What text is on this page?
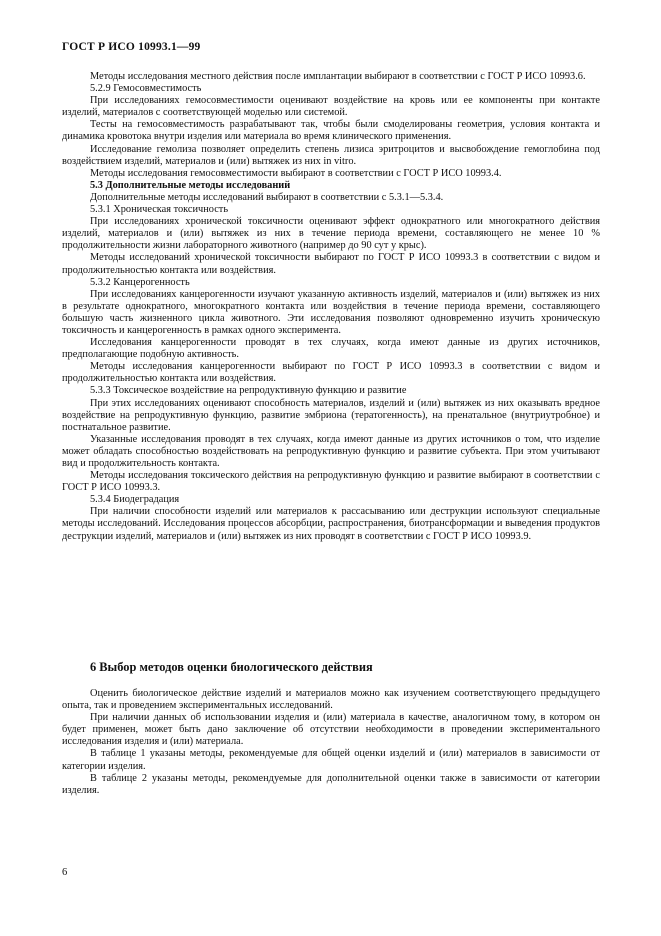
ГОСТ Р ИСО 10993.1—99

Методы исследования местного действия после имплантации выбирают в соответствии с ГОСТ Р ИСО 10993.6.

5.2.9 Гемосовместимость

При исследованиях гемосовместимости оценивают воздействие на кровь или ее компоненты при контакте изделий, материалов с соответствующей моделью или системой.

Тесты на гемосовместимость разрабатывают так, чтобы были смоделированы геометрия, условия контакта и динамика кровотока внутри изделия или материала во время клинического применения.

Исследование гемолиза позволяет определить степень лизиса эритроцитов и высвобождение гемоглобина под воздействием изделий, материалов и (или) вытяжек из них in vitro.

Методы исследования гемосовместимости выбирают в соответствии с ГОСТ Р ИСО 10993.4.

5.3 Дополнительные методы исследований

Дополнительные методы исследований выбирают в соответствии с 5.3.1—5.3.4.

5.3.1 Хроническая токсичность

При исследованиях хронической токсичности оценивают эффект однократного или многократного действия изделий, материалов и (или) вытяжек из них в течение периода времени, составляющего не менее 10 % продолжительности жизни лабораторного животного (например до 90 сут у крыс).

Методы исследований хронической токсичности выбирают по ГОСТ Р ИСО 10993.3 в соответствии с видом и продолжительностью контакта или воздействия.

5.3.2 Канцерогенность

При исследованиях канцерогенности изучают указанную активность изделий, материалов и (или) вытяжек из них в результате однократного, многократного контакта или воздействия в течение периода времени, составляющего большую часть жизненного цикла животного. Эти исследования позволяют одновременно изучить хроническую токсичность и канцерогенность в рамках одного эксперимента.

Исследования канцерогенности проводят в тех случаях, когда имеют данные из других источников, предполагающие подобную активность.

Методы исследования канцерогенности выбирают по ГОСТ Р ИСО 10993.3 в соответствии с видом и продолжительностью контакта или воздействия.

5.3.3 Токсическое воздействие на репродуктивную функцию и развитие

При этих исследованиях оценивают способность материалов, изделий и (или) вытяжек из них оказывать вредное воздействие на репродуктивную функцию, развитие эмбриона (тератогенность), на пренатальное (внутриутробное) и постнатальное развитие.

Указанные исследования проводят в тех случаях, когда имеют данные из других источников о том, что изделие может обладать способностью воздействовать на репродуктивную функцию и развитие субъекта. При этом учитывают вид и продолжительность контакта.

Методы исследования токсического действия на репродуктивную функцию и развитие выбирают в соответствии с ГОСТ Р ИСО 10993.3.

5.3.4 Биодеградация

При наличии способности изделий или материалов к рассасыванию или деструкции используют специальные методы исследований. Исследования процессов абсорбции, распространения, биотрансформации и выведения продуктов деструкции изделий, материалов и (или) вытяжек из них проводят в соответствии с ГОСТ Р ИСО 10993.9.

6 Выбор методов оценки биологического действия

Оценить биологическое действие изделий и материалов можно как изучением соответствующего предыдущего опыта, так и проведением экспериментальных исследований.

При наличии данных об использовании изделия и (или) материала в качестве, аналогичном тому, в котором он будет применен, может быть дано заключение об отсутствии необходимости в проведении экспериментального исследования изделия и (или) материала.

В таблице 1 указаны методы, рекомендуемые для общей оценки изделий и (или) материалов в зависимости от категории изделия.

В таблице 2 указаны методы, рекомендуемые для дополнительной оценки также в зависимости от категории изделия.

6
